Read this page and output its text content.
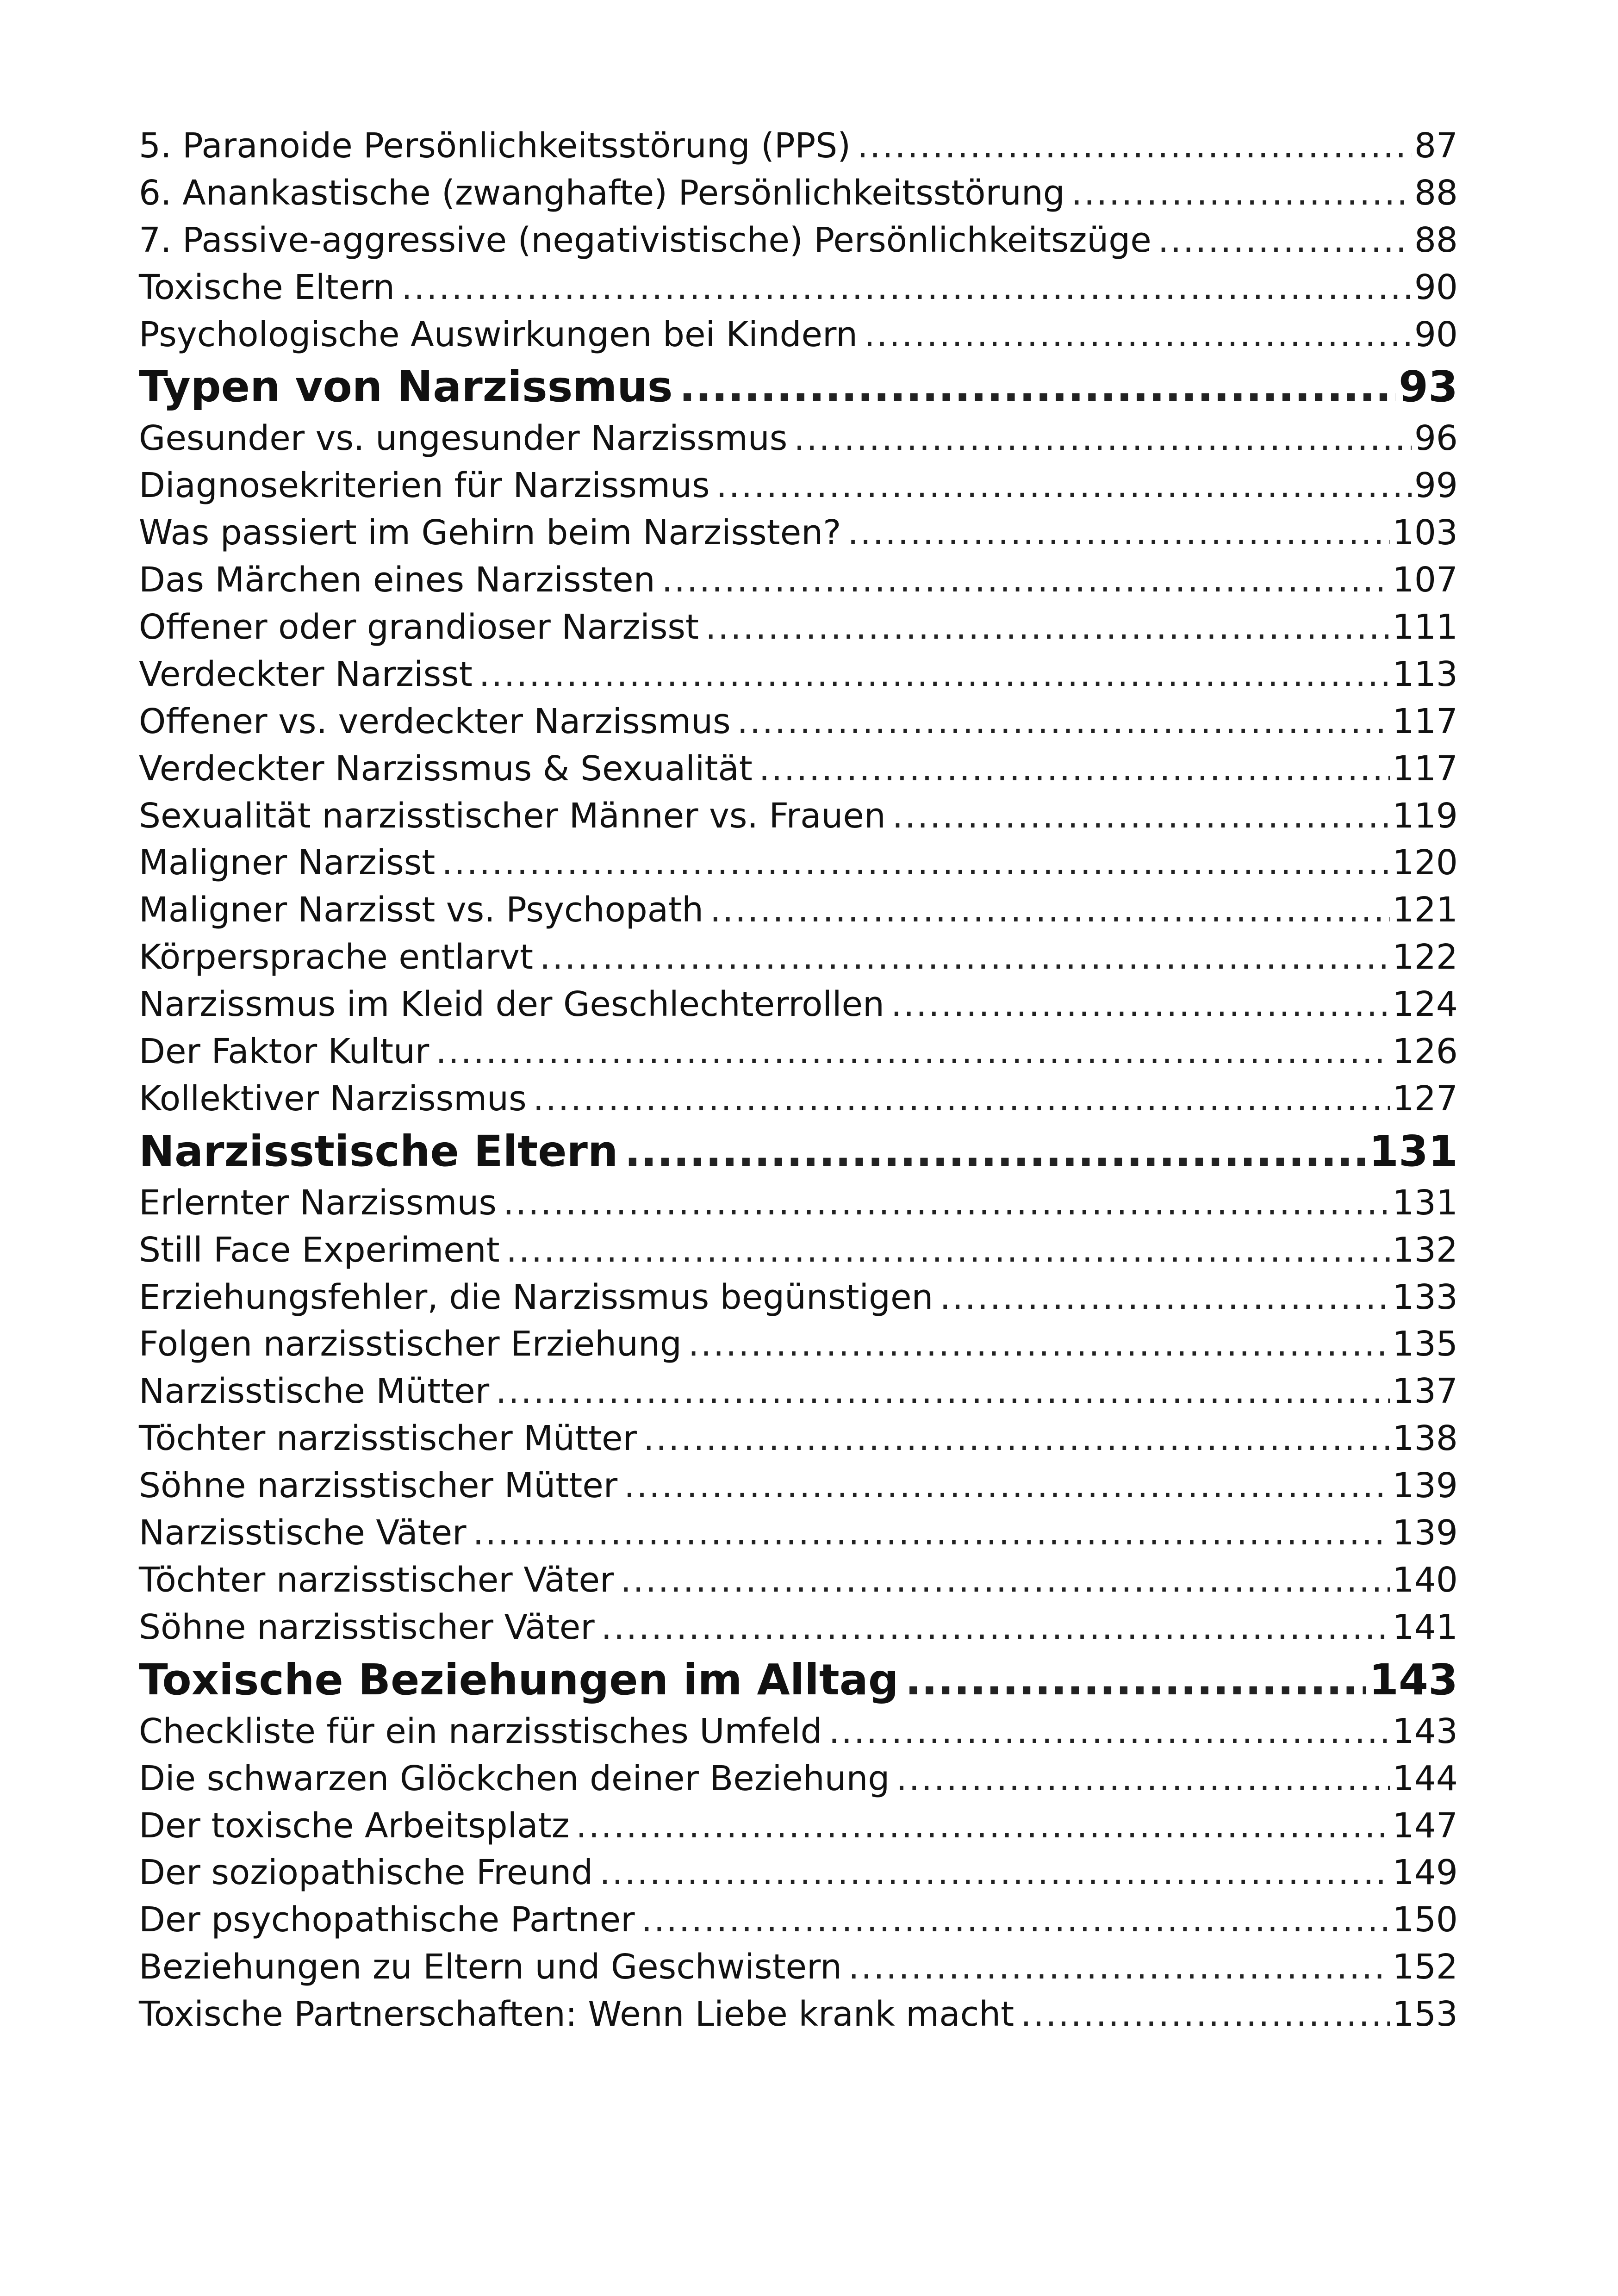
5. Paranoide Persönlichkeitsstörung (PPS) . . .	87
6. Anankastische (zwanghafte) Persönlichkeitsstörung . . .	88
7. Passive-aggressive (negativistische) Persönlichkeitszüge . . .	88
Toxische Eltern . . .	90
Psychologische Auswirkungen bei Kindern . . .	90
Typen von Narzissmus . . .	93
Gesunder vs. ungesunder Narzissmus . . .	96
Diagnosekriterien für Narzissmus . . .	99
Was passiert im Gehirn beim Narzissten? . . .	103
Das Märchen eines Narzissten . . .	107
Offener oder grandioser Narzisst . . .	111
Verdeckter Narzisst . . .	113
Offener vs. verdeckter Narzissmus . . .	117
Verdeckter Narzissmus & Sexualität . . .	117
Sexualität narzisstischer Männer vs. Frauen . . .	119
Maligner Narzisst . . .	120
Maligner Narzisst vs. Psychopath . . .	121
Körpersprache entlarvt . . .	122
Narzissmus im Kleid der Geschlechterrollen . . .	124
Der Faktor Kultur . . .	126
Kollektiver Narzissmus . . .	127
Narzisstische Eltern . . .	131
Erlernter Narzissmus . . .	131
Still Face Experiment . . .	132
Erziehungsfehler, die Narzissmus begünstigen . . .	133
Folgen narzisstischer Erziehung . . .	135
Narzisstische Mütter . . .	137
Töchter narzisstischer Mütter . . .	138
Söhne narzisstischer Mütter . . .	139
Narzisstische Väter . . .	139
Töchter narzisstischer Väter . . .	140
Söhne narzisstischer Väter . . .	141
Toxische Beziehungen im Alltag . . .	143
Checkliste für ein narzisstisches Umfeld . . .	143
Die schwarzen Glöckchen deiner Beziehung . . .	144
Der toxische Arbeitsplatz . . .	147
Der soziopathische Freund . . .	149
Der psychopathische Partner . . .	150
Beziehungen zu Eltern und Geschwistern . . .	152
Toxische Partnerschaften: Wenn Liebe krank macht . . .	153
